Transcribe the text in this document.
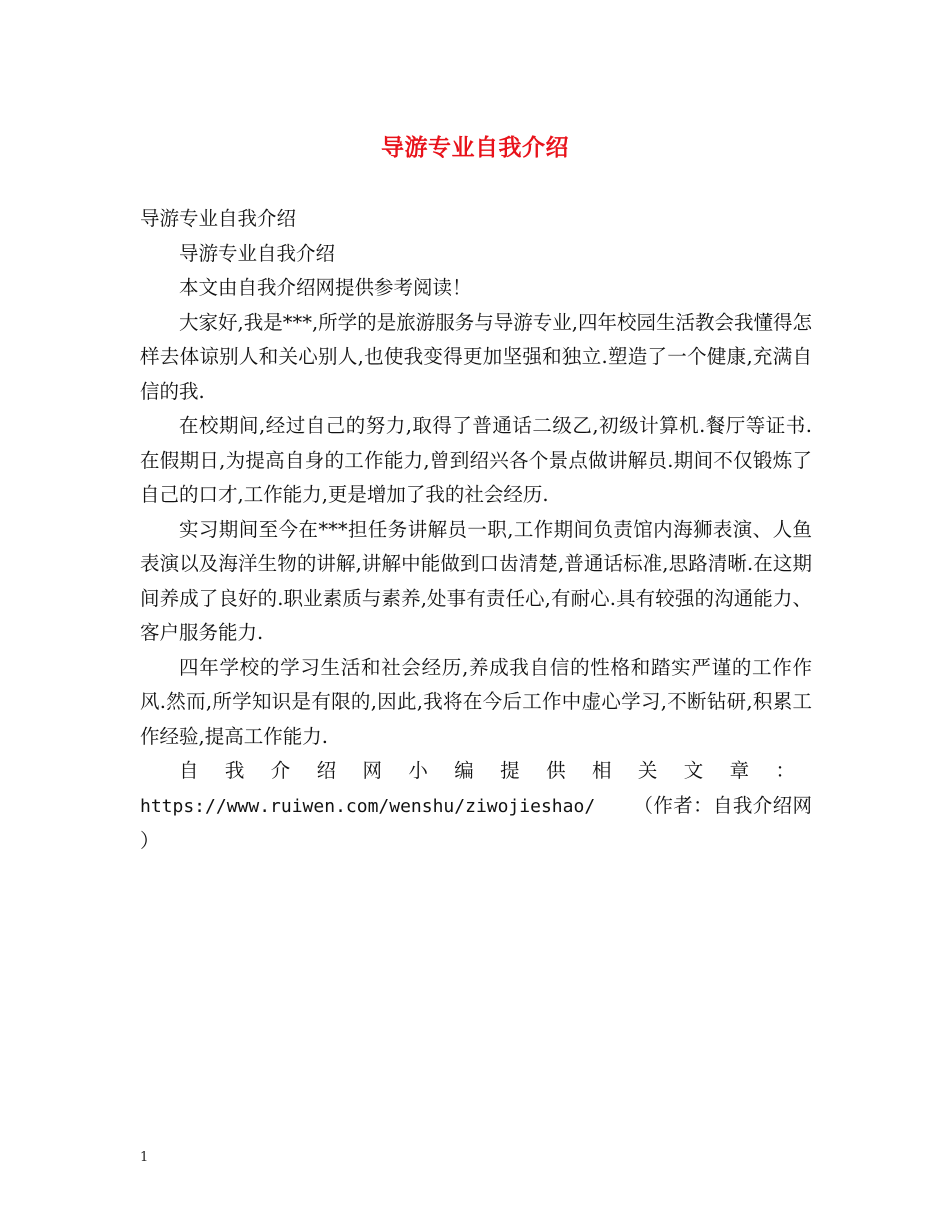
导游专业自我介绍

导游专业自我介绍

导游专业自我介绍

本文由自我介绍网提供参考阅读！

大家好,我是***,所学的是旅游服务与导游专业,四年校园生活教会我懂得怎样去体谅别人和关心别人,也使我变得更加坚强和独立.塑造了一个健康,充满自信的我.

在校期间,经过自己的努力,取得了普通话二级乙,初级计算机.餐厅等证书.在假期日,为提高自身的工作能力,曾到绍兴各个景点做讲解员.期间不仅锻炼了自己的口才,工作能力,更是增加了我的社会经历.

实习期间至今在***担任务讲解员一职,工作期间负责馆内海狮表演、人鱼表演以及海洋生物的讲解,讲解中能做到口齿清楚,普通话标准,思路清晰.在这期间养成了良好的.职业素质与素养,处事有责任心,有耐心.具有较强的沟通能力、客户服务能力.

四年学校的学习生活和社会经历,养成我自信的性格和踏实严谨的工作作风.然而,所学知识是有限的,因此,我将在今后工作中虚心学习,不断钻研,积累工作经验,提高工作能力.

自我介绍网小编提供相关文章：

https://www.ruiwen.com/wenshu/ziwojieshao/ （作者：自我介绍网 ）

1
